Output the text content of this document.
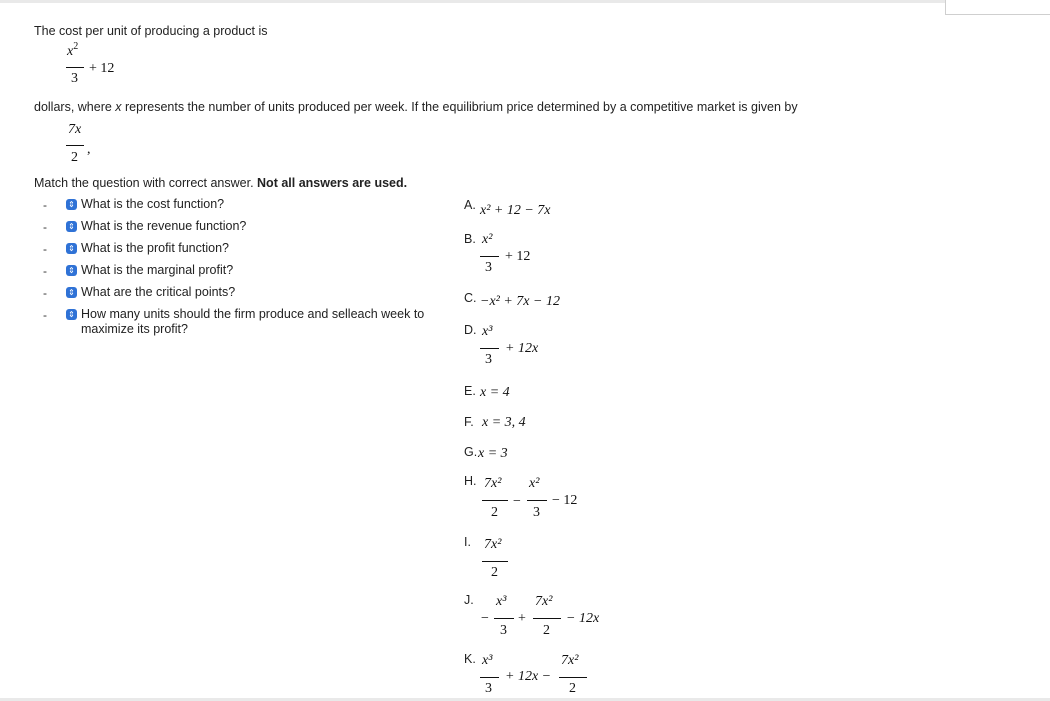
The cost per unit of producing a product is
$x^2$
3
+ 12
dollars, where x represents the number of units produced per week. If the equilibrium price determined by a competitive market is given by
7x
2
,
Match the question with correct answer. Not all answers are used.
-	⇕ What is the cost function?
-	⇕ What is the revenue function?
-	⇕ What is the profit function?
-	⇕ What is the marginal profit?
-	⇕ What are the critical points?
-	⇕ How many units should the firm produce and selleach week to
maximize its profit?
A. x² + 12 − 7x
B. x²
3
+ 12
C. −x² + 7x − 12
D. x³
3
+ 12x
E. x = 4
F. x = 3, 4
G. x = 3
H. 7x²
2
−
x²
3
− 12
I. 7x²
2
J.
−
x³
3
+
7x²
2
− 12x
K. x³
3
+ 12x −
7x²
2
